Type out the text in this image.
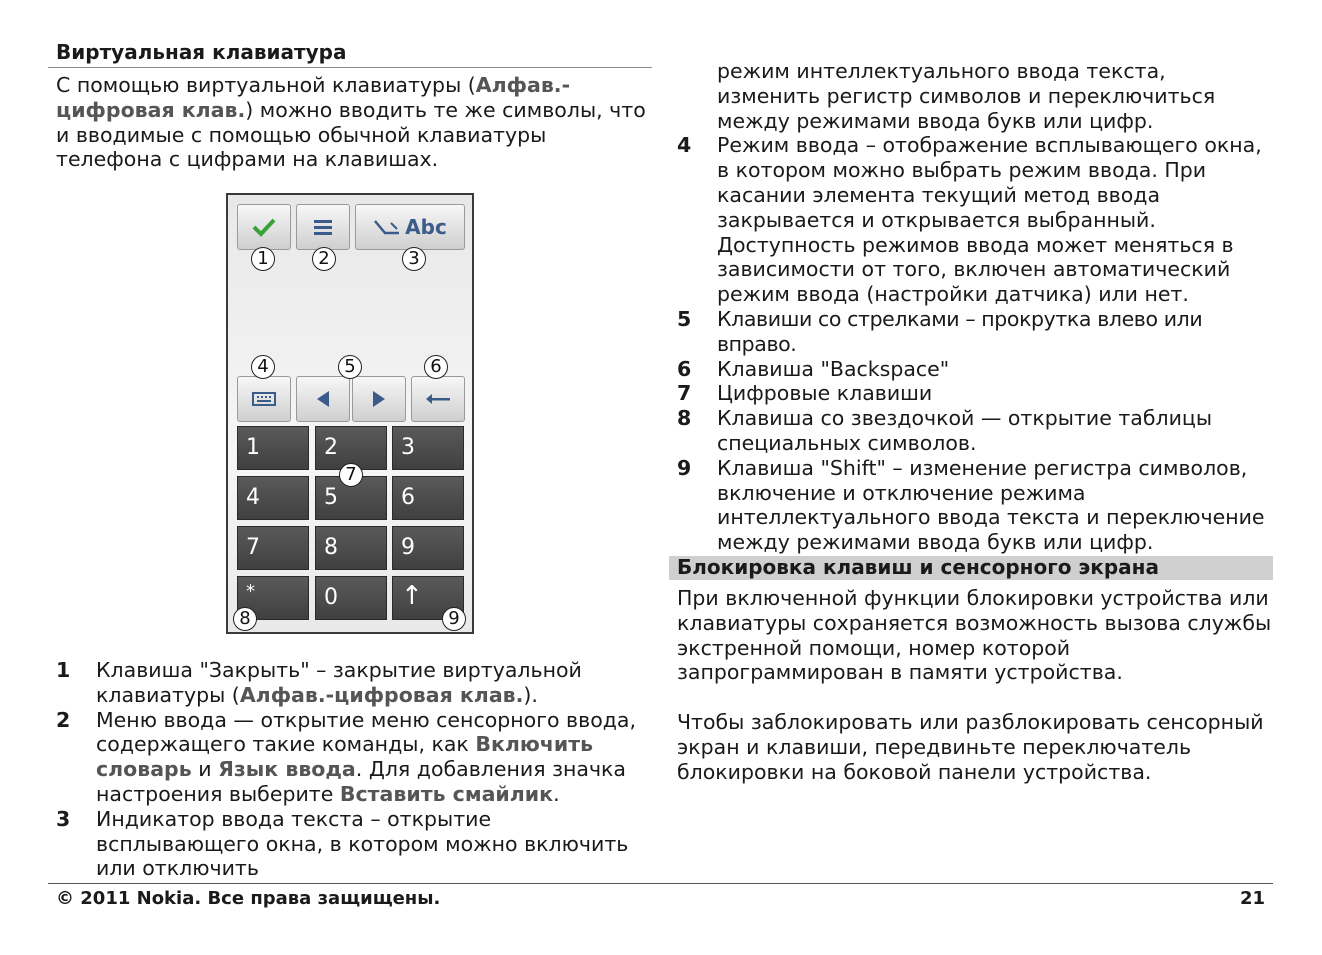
Виртуальная клавиатура

С помощью виртуальной клавиатуры (Алфав.-цифровая клав.) можно вводить те же символы, что и вводимые с помощью обычной клавиатуры телефона с цифрами на клавишах.

Abc
1	2	3
4	5	6
7	8	9
*	0	↑
1	2	3
4	5	6
7
8	9
1 Клавиша "Закрыть" – закрытие виртуальной клавиатуры (Алфав.-цифровая клав.).
2 Меню ввода — открытие меню сенсорного ввода, содержащего такие команды, как Включить словарь и Язык ввода. Для добавления значка настроения выберите Вставить смайлик.
3 Индикатор ввода текста – открытие всплывающего окна, в котором можно включить или отключить
режим интеллектуального ввода текста, изменить регистр символов и переключиться между режимами ввода букв или цифр.
4 Режим ввода – отображение всплывающего окна, в котором можно выбрать режим ввода. При касании элемента текущий метод ввода закрывается и открывается выбранный. Доступность режимов ввода может меняться в зависимости от того, включен автоматический режим ввода (настройки датчика) или нет.
5 Клавиши со стрелками – прокрутка влево или вправо.
6 Клавиша "Backspace"
7 Цифровые клавиши
8 Клавиша со звездочкой — открытие таблицы специальных символов.
9 Клавиша "Shift" – изменение регистра символов, включение и отключение режима интеллектуального ввода текста и переключение между режимами ввода букв или цифр.
Блокировка клавиш и сенсорного экрана

При включенной функции блокировки устройства или клавиатуры сохраняется возможность вызова службы экстренной помощи, номер которой запрограммирован в памяти устройства.

Чтобы заблокировать или разблокировать сенсорный экран и клавиши, передвиньте переключатель блокировки на боковой панели устройства.

© 2011 Nokia. Все права защищены.	21
